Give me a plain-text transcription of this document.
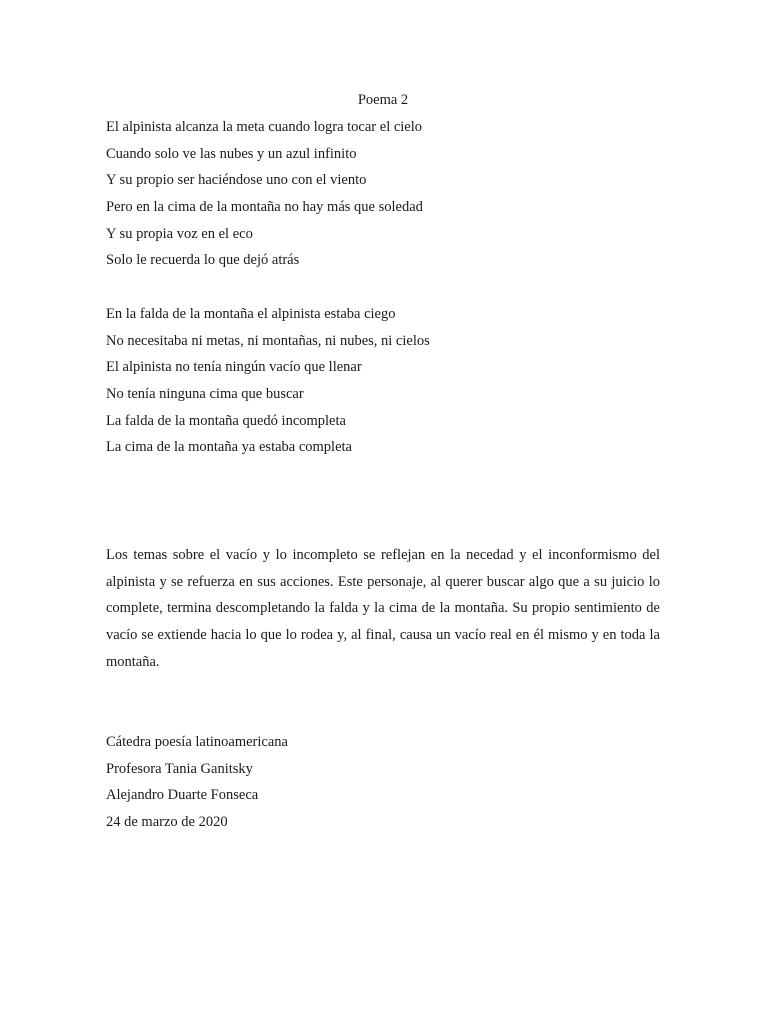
Poema 2
El alpinista alcanza la meta cuando logra tocar el cielo
Cuando solo ve las nubes y un azul infinito
Y su propio ser haciéndose uno con el viento
Pero en la cima de la montaña no hay más que soledad
Y su propia voz en el eco
Solo le recuerda lo que dejó atrás
En la falda de la montaña el alpinista estaba ciego
No necesitaba ni metas, ni montañas, ni nubes, ni cielos
El alpinista no tenía ningún vacío que llenar
No tenía ninguna cima que buscar
La falda de la montaña quedó incompleta
La cima de la montaña ya estaba completa

Los temas sobre el vacío y lo incompleto se reflejan en la necedad y el inconformismo del alpinista y se refuerza en sus acciones. Este personaje, al querer buscar algo que a su juicio lo complete, termina descompletando la falda y la cima de la montaña. Su propio sentimiento de vacío se extiende hacia lo que lo rodea y, al final, causa un vacío real en él mismo y en toda la montaña.

Cátedra poesía latinoamericana
Profesora Tania Ganitsky
Alejandro Duarte Fonseca
24 de marzo de 2020
